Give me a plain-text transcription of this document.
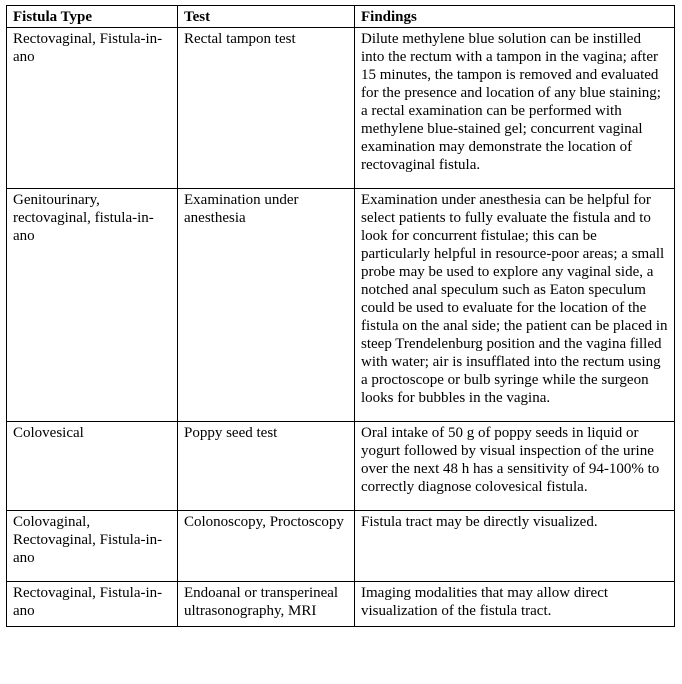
Fistula Type	Test	Findings
Rectovaginal, Fistula-in-ano	Rectal tampon test	Dilute methylene blue solution can be instilled into the rectum with a tampon in the vagina; after 15 minutes, the tampon is removed and evaluated for the presence and location of any blue staining; a rectal examination can be performed with methylene blue-stained gel; concurrent vaginal examination may demonstrate the location of rectovaginal fistula.
Genitourinary, rectovaginal, fistula-in-ano	Examination under anesthesia	Examination under anesthesia can be helpful for select patients to fully evaluate the fistula and to look for concurrent fistulae; this can be particularly helpful in resource-poor areas; a small probe may be used to explore any vaginal side, a notched anal speculum such as Eaton speculum could be used to evaluate for the location of the fistula on the anal side; the patient can be placed in steep Trendelenburg position and the vagina filled with water; air is insufflated into the rectum using a proctoscope or bulb syringe while the surgeon looks for bubbles in the vagina.
Colovesical	Poppy seed test	Oral intake of 50 g of poppy seeds in liquid or yogurt followed by visual inspection of the urine over the next 48 h has a sensitivity of 94-100% to correctly diagnose colovesical fistula.
Colovaginal, Rectovaginal, Fistula-in-ano	Colonoscopy, Proctoscopy	Fistula tract may be directly visualized.
Rectovaginal, Fistula-in-ano	Endoanal or transperineal ultrasonography, MRI	Imaging modalities that may allow direct visualization of the fistula tract.
